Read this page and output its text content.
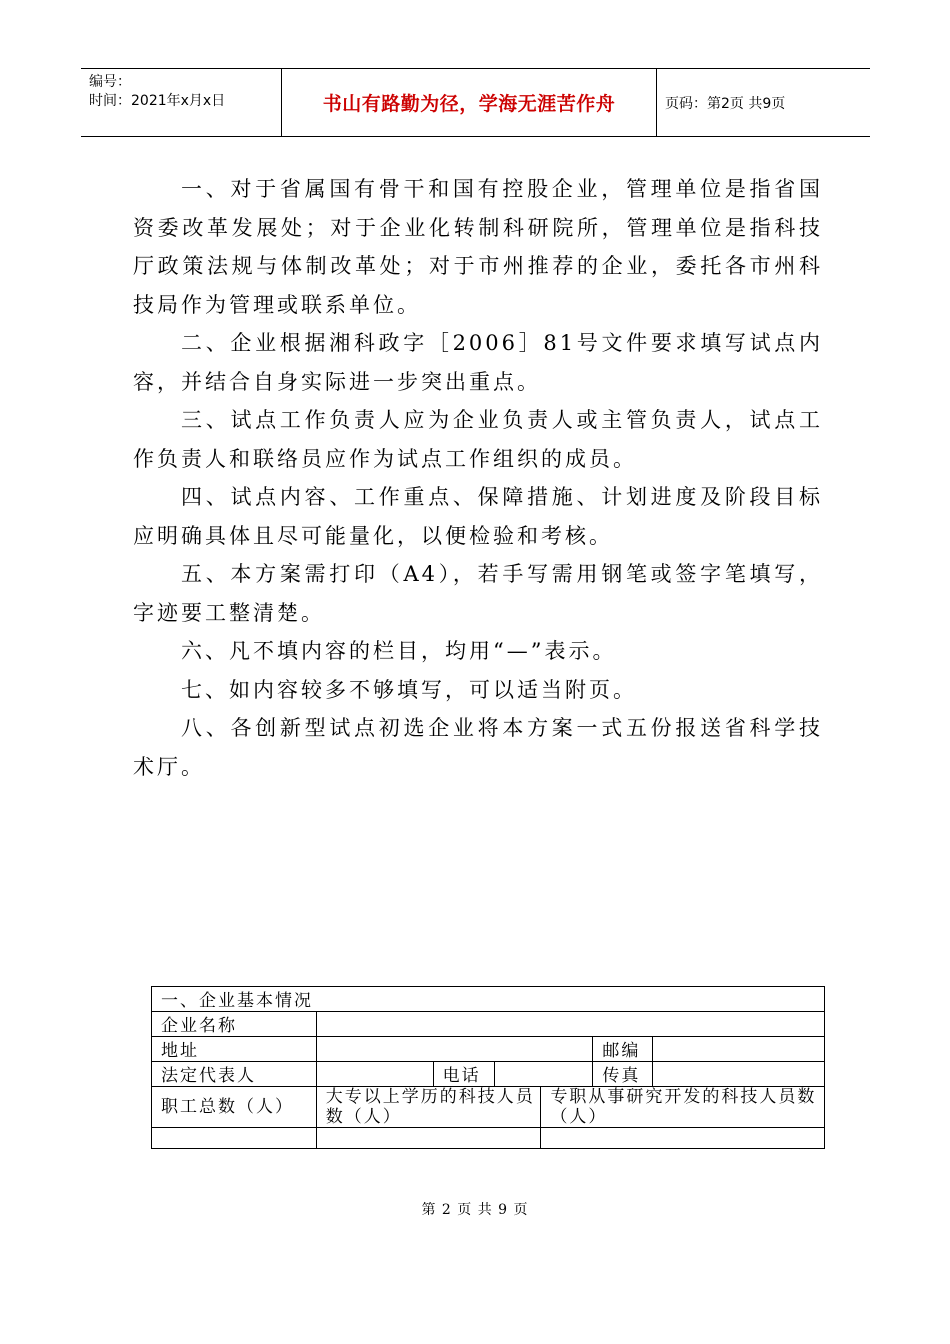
编号：
时间：2021年x月x日	书山有路勤为径，学海无涯苦作舟	页码：第2页 共9页

一、对于省属国有骨干和国有控股企业，管理单位是指省国资委改革发展处；对于企业化转制科研院所，管理单位是指科技厅政策法规与体制改革处；对于市州推荐的企业，委托各市州科技局作为管理或联系单位。

二、企业根据湘科政字［2006］81号文件要求填写试点内容，并结合自身实际进一步突出重点。

三、试点工作负责人应为企业负责人或主管负责人，试点工作负责人和联络员应作为试点工作组织的成员。

四、试点内容、工作重点、保障措施、计划进度及阶段目标应明确具体且尽可能量化，以便检验和考核。

五、本方案需打印（A4），若手写需用钢笔或签字笔填写，字迹要工整清楚。

六、凡不填内容的栏目，均用“—”表示。

七、如内容较多不够填写，可以适当附页。

八、各创新型试点初选企业将本方案一式五份报送省科学技术厅。

一、企业基本情况						
企业名称						
地址					邮编	
法定代表人		电话			传真	
职工总数（人）	大专以上学历的科技人员数（人）			专职从事研究开发的科技人员数（人）		

第 2 页 共 9 页
